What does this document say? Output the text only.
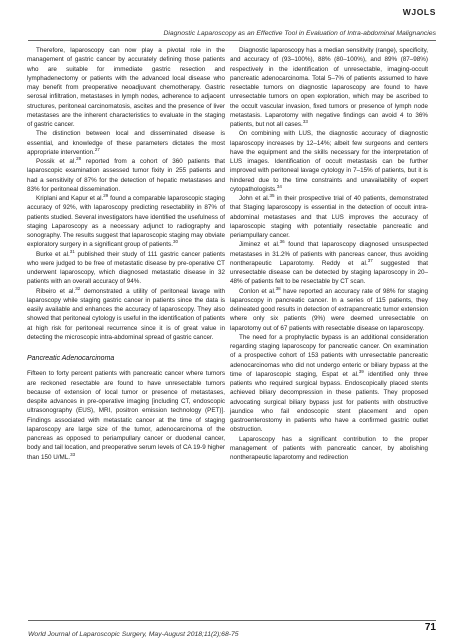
WJOLS
Diagnostic Laparoscopy as an Effective Tool in Evaluation of Intra-abdominal Malignancies

Therefore, laparoscopy can now play a pivotal role in the management of gastric cancer by accurately defining those patients who are suitable for immediate gastric resection and lymphadenectomy or patients with the advanced local disease who may benefit from preoperative neoadjuvant chemotherapy. Gastric serosal infiltration, metastases in lymph nodes, adherence to adjacent structures, peritoneal carcinomatosis, ascites and the presence of liver metastases are the inherent characteristics to evaluate in the staging of gastric cancer.

The distinction between local and disseminated disease is essential, and knowledge of these parameters dictates the most appropriate intervention.$^{27}$

Possik et al.$^{28}$ reported from a cohort of 360 patients that laparoscopic examination assessed tumor fixity in 255 patients and had a sensitivity of 87% for the detection of hepatic metastases and 83% for peritoneal dissemination.

Kriplani and Kapur et al.$^{29}$ found a comparable laparoscopic staging accuracy of 92%, with laparoscopy predicting resectability in 87% of patients studied. Several investigators have identified the usefulness of staging Laparoscopy as a necessary adjunct to radiography and sonography. The results suggest that laparoscopic staging may obviate exploratory surgery in a significant group of patients.$^{30}$

Burke et al.$^{31}$ published their study of 111 gastric cancer patients who were judged to be free of metastatic disease by pre-operative CT underwent laparoscopy, which diagnosed metastatic disease in 32 patients with an overall accuracy of 94%.

Ribeiro et al.$^{32}$ demonstrated a utility of peritoneal lavage with laparoscopy while staging gastric cancer in patients since the data is easily available and enhances the accuracy of laparoscopy. They also showed that peritoneal cytology is useful in the identification of patients at high risk for peritoneal recurrence since it is of great value in detecting the microscopic intra-abdominal spread of gastric cancer.

Pancreatic Adenocarcinoma

Fifteen to forty percent patients with pancreatic cancer where tumors are reckoned resectable are found to have unresectable tumors because of extension of local tumor or presence of metastases, despite advances in pre-operative imaging [including CT, endoscopic ultrasonography (EUS), MRI, positron emission technology (PET)]. Findings associated with metastatic cancer at the time of staging laparoscopy are large size of the tumor, adenocarcinoma of the pancreas as opposed to periampullary cancer or duodenal cancer, body and tail location, and preoperative serum levels of CA 19-9 higher than 150 U/ML.$^{33}$

Diagnostic laparoscopy has a median sensitivity (range), specificity, and accuracy of (93–100%), 88% (80–100%), and 89% (87–98%) respectively in the identification of unresectable, imaging-occult pancreatic adenocarcinoma. Total 5–7% of patients assumed to have resectable tumors on diagnostic laparoscopy are found to have unresectable tumors on open exploration, which may be ascribed to the occult vascular invasion, fixed tumors or presence of lymph node metastasis. Laparotomy with negative findings can avoid 4 to 36% patients, but not all cases.$^{33}$

On combining with LUS, the diagnostic accuracy of diagnostic laparoscopy increases by 12–14%; albeit few surgeons and centers have the equipment and the skills necessary for the interpretation of LUS images. Identification of occult metastasis can be further improved with peritoneal lavage cytology in 7–15% of patients, but it is hindered due to the time constraints and unavailability of expert cytopathologists.$^{34}$

John et al.$^{35}$ in their prospective trial of 40 patients, demonstrated that Staging laparoscopy is essential in the detection of occult intra-abdominal metastases and that LUS improves the accuracy of laparoscopic staging with potentially resectable pancreatic and periampullary cancer.

Jiminez et al.$^{36}$ found that laparoscopy diagnosed unsuspected metastases in 31.2% of patients with pancreas cancer, thus avoiding nontherapeutic Laparotomy. Reddy et al.$^{37}$ suggested that unresectable disease can be detected by staging laparoscopy in 20–48% of patients felt to be resectable by CT scan.

Conlon et al.$^{38}$ have reported an accuracy rate of 98% for staging laparoscopy in pancreatic cancer. In a series of 115 patients, they delineated good results in detection of extrapancreatic tumor extension where only six patients (9%) were deemed unresectable on laparotomy out of 67 patients with resectable disease on laparoscopy.

The need for a prophylactic bypass is an additional consideration regarding staging laparoscopy for pancreatic cancer. On examination of a prospective cohort of 153 patients with unresectable pancreatic adenocarcinomas who did not undergo enteric or biliary bypass at the time of laparoscopic staging, Espat et al.$^{39}$ identified only three patients who required surgical bypass. Endoscopically placed stents achieved biliary decompression in these patients. They proposed advocating surgical biliary bypass just for patients with obstructive jaundice who fail endoscopic stent placement and open gastroenterostomy in patients who have a confirmed gastric outlet obstruction.

Laparoscopy has a significant contribution to the proper management of patients with pancreatic cancer, by abolishing nontherapeutic laparotomy and redirection

World Journal of Laparoscopic Surgery, May-August 2018;11(2);68-75
71
